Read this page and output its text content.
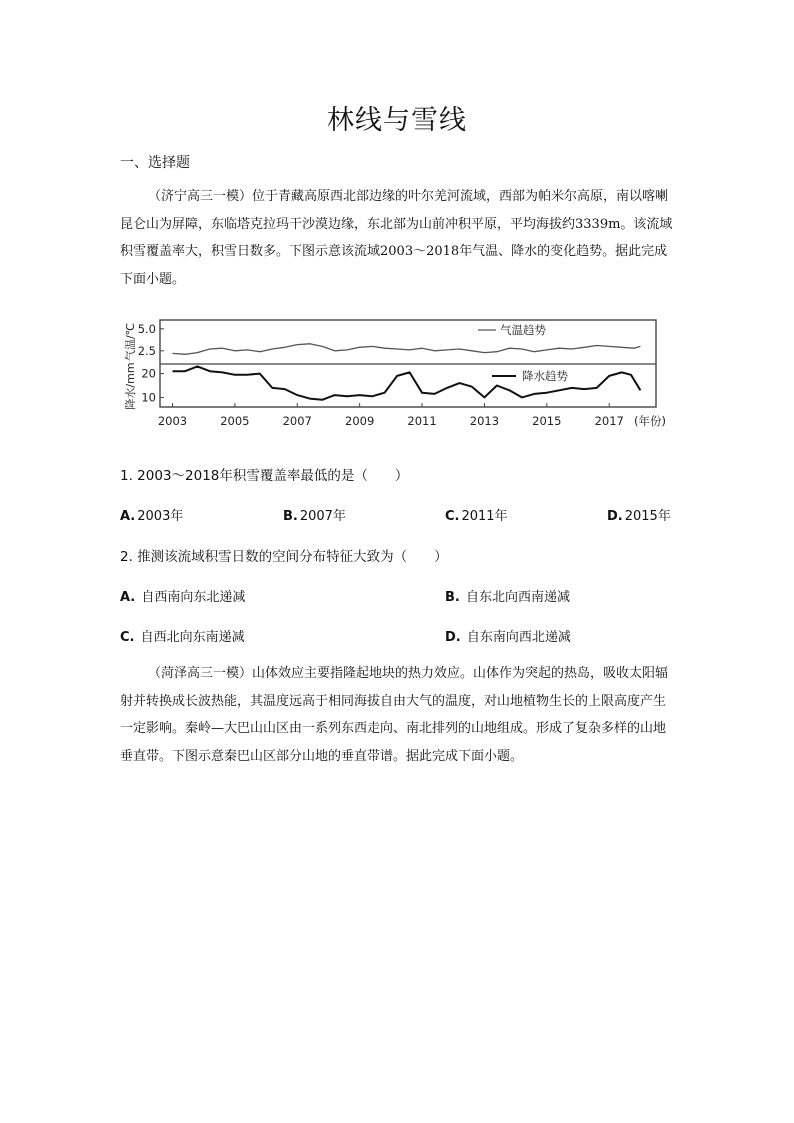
林线与雪线
一、选择题
（济宁高三一模）位于青藏高原西北部边缘的叶尔羌河流域，西部为帕米尔高原，南以喀喇昆仑山为屏障，东临塔克拉玛干沙漠边缘，东北部为山前冲积平原，平均海拔约3339m。该流域积雪覆盖率大，积雪日数多。下图示意该流域2003～2018年气温、降水的变化趋势。据此完成下面小题。
气温/℃ 5.0
2.5
降水/mm 20
10
2003	2005	2007	2009	2011	2013	2015	2017 (年份)
气温趋势
降水趋势
1. 2003～2018年积雪覆盖率最低的是（　　）
A. 2003年	B. 2007年	C. 2011年	D. 2015年
2. 推测该流域积雪日数的空间分布特征大致为（　　）
A. 自西南向东北递减	B. 自东北向西南递减
C. 自西北向东南递减	D. 自东南向西北递减
（菏泽高三一模）山体效应主要指隆起地块的热力效应。山体作为突起的热岛，吸收太阳辐射并转换成长波热能，其温度远高于相同海拔自由大气的温度，对山地植物生长的上限高度产生一定影响。秦岭—大巴山山区由一系列东西走向、南北排列的山地组成。形成了复杂多样的山地垂直带。下图示意秦巴山区部分山地的垂直带谱。据此完成下面小题。
